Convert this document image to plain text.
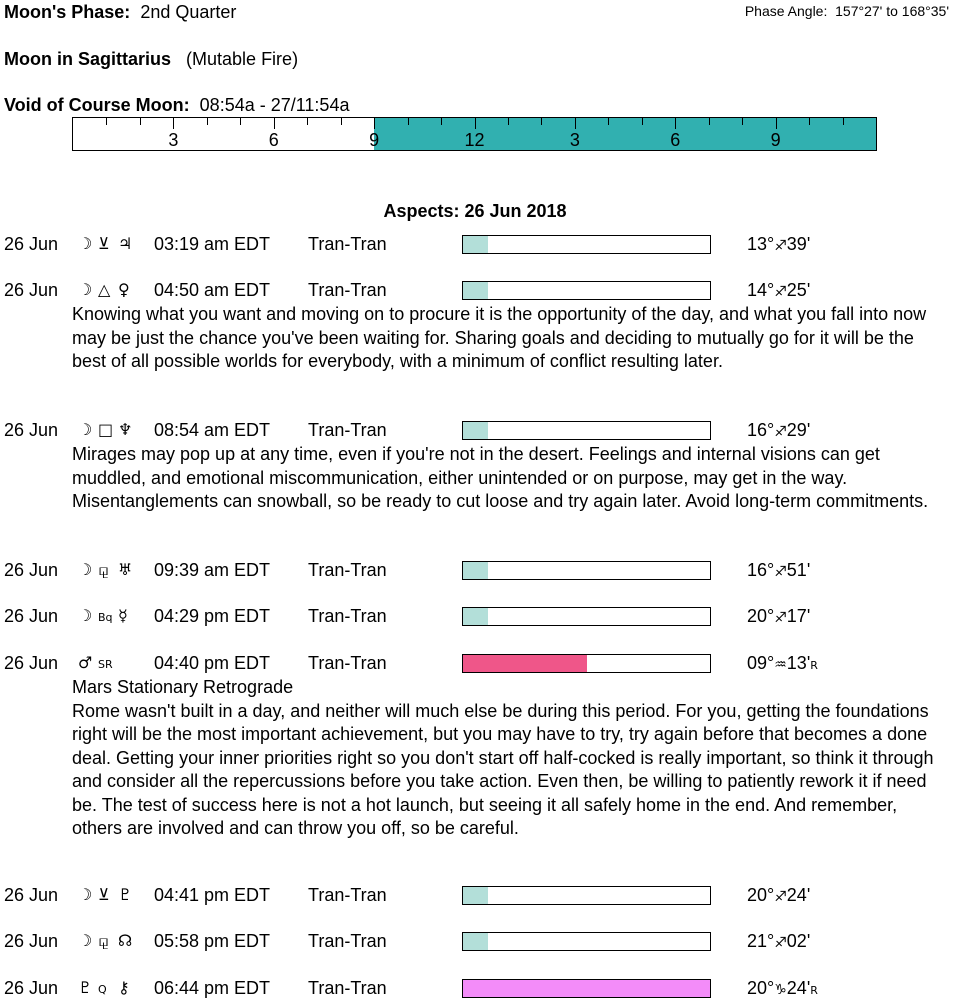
Moon's Phase: 2nd Quarter	Phase Angle: 157°27' to 168°35'
Moon in Sagittarius (Mutable Fire)
Void of Course Moon: 08:54a - 27/11:54a
3	6	9	12	3	6	9
Aspects: 26 Jun 2018
26 Jun ☽ ⊻ ♃	03:19 am EDT Tran-Tran	13°♐39'
26 Jun ☽ △ ♀	04:50 am EDT Tran-Tran	14°♐25'
Knowing what you want and moving on to procure it is the opportunity of the day, and what you fall into now may be just the chance you've been waiting for. Sharing goals and deciding to mutually go for it will be the best of all possible worlds for everybody, with a minimum of conflict resulting later.
26 Jun ☽ □ ♆	08:54 am EDT Tran-Tran	16°♐29'
Mirages may pop up at any time, even if you're not in the desert. Feelings and internal visions can get muddled, and emotional miscommunication, either unintended or on purpose, may get in the way. Misentanglements can snowball, so be ready to cut loose and try again later. Avoid long-term commitments.
26 Jun ☽ ⚼ ♅	09:39 am EDT Tran-Tran	16°♐51'
26 Jun ☽ Bq ☿	04:29 pm EDT Tran-Tran	20°♐17'
26 Jun ♂ SR	04:40 pm EDT Tran-Tran	09°♒13'R
Mars Stationary Retrograde
Rome wasn't built in a day, and neither will much else be during this period. For you, getting the foundations right will be the most important achievement, but you may have to try, try again before that becomes a done deal. Getting your inner priorities right so you don't start off half-cocked is really important, so think it through and consider all the repercussions before you take action. Even then, be willing to patiently rework it if need be. The test of success here is not a hot launch, but seeing it all safely home in the end. And remember, others are involved and can throw you off, so be careful.
26 Jun ☽ ⊻ ♇	04:41 pm EDT Tran-Tran	20°♐24'
26 Jun ☽ ⚼ ☊	05:58 pm EDT Tran-Tran	21°♐02'
26 Jun ♇ Q ⚷	06:44 pm EDT Tran-Tran	20°♑24'R
